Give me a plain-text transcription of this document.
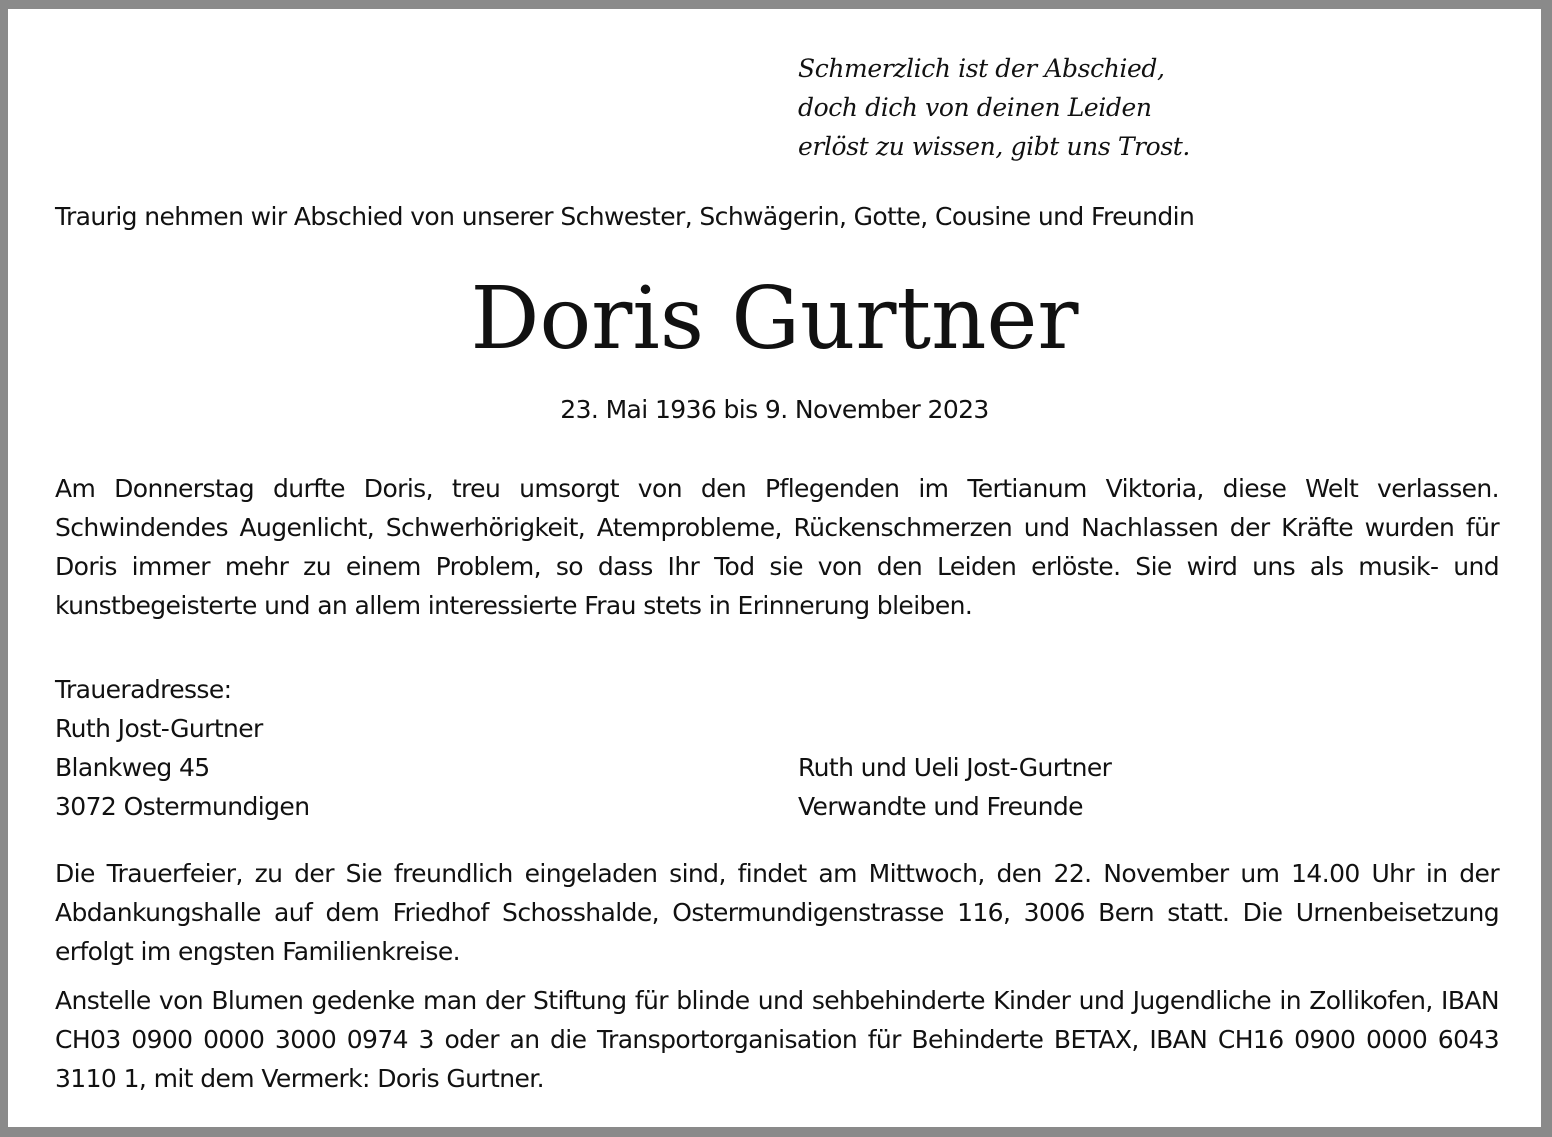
Schmerzlich ist der Abschied,
doch dich von deinen Leiden
erlöst zu wissen, gibt uns Trost.
Traurig nehmen wir Abschied von unserer Schwester, Schwägerin, Gotte, Cousine und Freundin
Doris Gurtner
23. Mai 1936 bis 9. November 2023
Am Donnerstag durfte Doris, treu umsorgt von den Pflegenden im Tertianum Viktoria, diese Welt verlassen. Schwindendes Augenlicht, Schwerhörigkeit, Atemprobleme, Rückenschmerzen und Nachlassen der Kräfte wurden für Doris immer mehr zu einem Problem, so dass Ihr Tod sie von den Leiden erlöste. Sie wird uns als musik- und kunstbegeisterte und an allem interessierte Frau stets in Erinnerung bleiben.
Traueradresse:
Ruth Jost-Gurtner
Blankweg 45
3072 Ostermundigen
Ruth und Ueli Jost-Gurtner
Verwandte und Freunde
Die Trauerfeier, zu der Sie freundlich eingeladen sind, findet am Mittwoch, den 22. November um 14.00 Uhr in der Abdankungshalle auf dem Friedhof Schosshalde, Ostermundigenstrasse 116, 3006 Bern statt. Die Urnenbeisetzung erfolgt im engsten Familienkreise.
Anstelle von Blumen gedenke man der Stiftung für blinde und sehbehinderte Kinder und Jugendliche in Zollikofen, IBAN CH03 0900 0000 3000 0974 3 oder an die Transportorganisation für Behinderte BETAX, IBAN CH16 0900 0000 6043 3110 1, mit dem Vermerk: Doris Gurtner.
